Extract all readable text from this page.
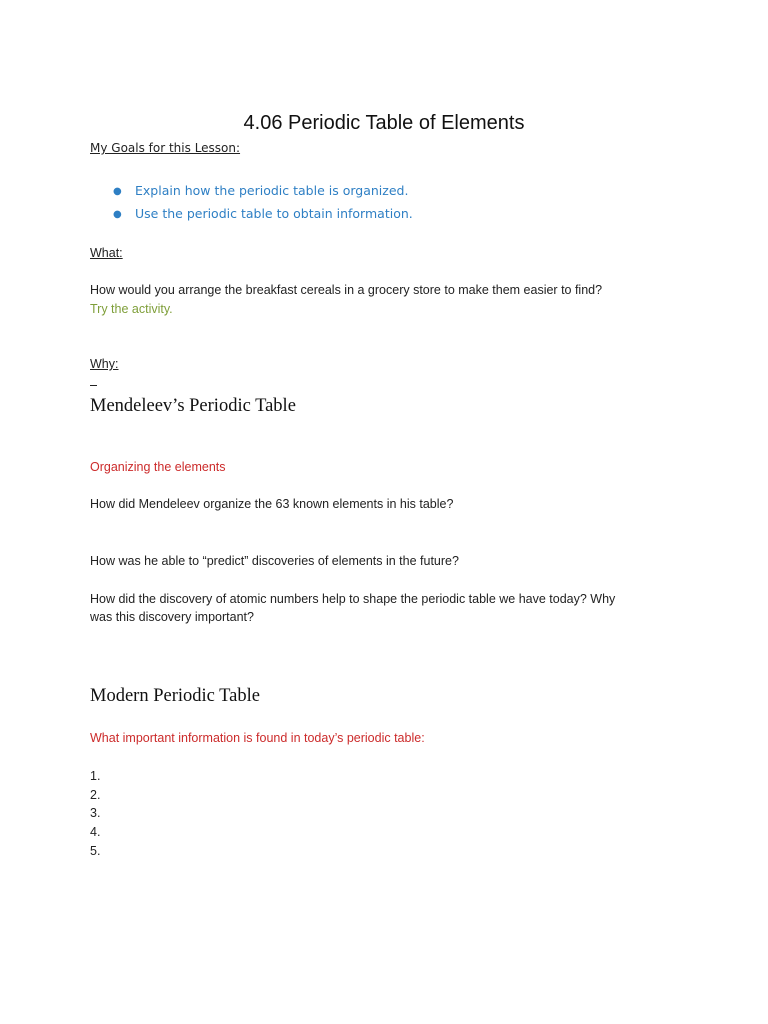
4.06 Periodic Table of Elements
My Goals for this Lesson:
● Explain how the periodic table is organized.
● Use the periodic table to obtain information.
What:
How would you arrange the breakfast cereals in a grocery store to make them easier to find?
Try the activity.
Why:
Mendeleev’s Periodic Table
Organizing the elements
How did Mendeleev organize the 63 known elements in his table?
How was he able to “predict” discoveries of elements in the future?
How did the discovery of atomic numbers help to shape the periodic table we have today? Why
was this discovery important?
Modern Periodic Table
What important information is found in today’s periodic table:
1.
2.
3.
4.
5.
